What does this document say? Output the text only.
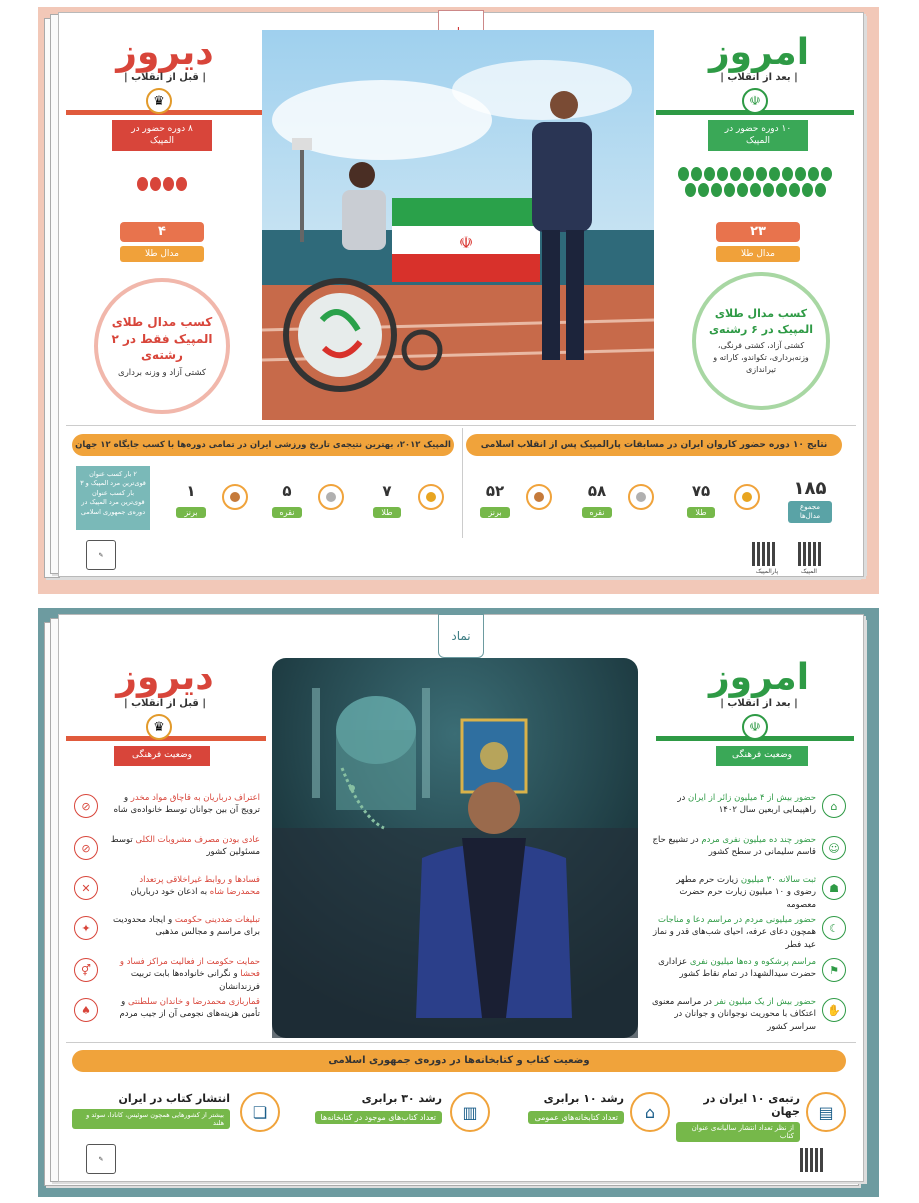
دیروز
| قبل از انقلاب |
♛
۸ دوره حضور در المپیک
۴
مدال طلا
کسب مدال طلای المپیک فقط در ۲ رشته‌ی
کشتی آزاد و وزنه برداری
☫
امروز
| بعد از انقلاب |
☫
۱۰ دوره حضور در المپیک
۲۳
مدال طلا
کسب مدال طلای المپیک در ۶ رشته‌ی
کشتی آزاد، کشتی فرنگی، وزنه‌برداری، تکواندو، کاراته و تیراندازی
المپیک ۲۰۱۲، بهترین نتیجه‌ی تاریخ ورزشی ایران در تمامی دوره‌ها با کسب جایگاه ۱۲ جهان	نتایج ۱۰ دوره حضور کاروان ایران در مسابقات پارالمپیک پس از انقلاب اسلامی
۲ بار کسب عنوان قوی‌ترین مرد المپیک و ۳ بار کسب عنوان قوی‌ترین مرد المپیک در دوره‌ی جمهوری اسلامی
۱
برنز
۵
نقره
۷
طلا
۵۲
برنز
۵۸
نقره
۷۵
طلا
۱۸۵
مجموع مدال‌ها
✎
پارالمپیک	المپیک
نماد
دیروز
| قبل از انقلاب |
♛
وضعیت فرهنگی
اعتراف درباریان به قاچاق مواد مخدر و ترویج آن بین جوانان توسط خانواده‌ی شاه
⊘
عادی بودن مصرف مشروبات الکلی توسط مسئولین کشور
⊘
فسادها و روابط غیراخلاقی پرتعداد محمدرضا شاه به اذعان خود درباریان
✕
تبلیغات ضددینی حکومت و ایجاد محدودیت برای مراسم و مجالس مذهبی
✦
حمایت حکومت از فعالیت مراکز فساد و فحشا و نگرانی خانواده‌ها بابت تربیت فرزندانشان
⚥
قماربازی محمدرضا و خاندان سلطنتی و تأمین هزینه‌های نجومی آن از جیب مردم
♠
امروز
| بعد از انقلاب |
☫
وضعیت فرهنگی
حضور بیش از ۴ میلیون زائر از ایران در راهپیمایی اربعین سال ۱۴۰۲	⌂
حضور چند ده میلیون نفری مردم در تشییع حاج قاسم سلیمانی در سطح کشور	☺
ثبت سالانه ۳۰ میلیون زیارت حرم مطهر رضوی و ۱۰ میلیون زیارت حرم حضرت معصومه
☗
حضور میلیونی مردم در مراسم دعا و مناجات همچون دعای عرفه، احیای شب‌های قدر و نماز عید فطر
☾
مراسم پرشکوه و ده‌ها میلیون نفری عزاداری حضرت سیدالشهدا در تمام نقاط کشور	⚑
حضور بیش از یک میلیون نفر در مراسم معنوی اعتکاف با محوریت نوجوانان و جوانان در سراسر کشور
✋
وضعیت کتاب و کتابخانه‌ها در دوره‌ی جمهوری اسلامی
رتبه‌ی ۱۰ ایران در جهان
از نظر تعداد انتشار سالیانه‌ی عنوان کتاب
▤
رشد ۱۰ برابری
تعداد کتابخانه‌های عمومی	⌂
رشد ۳۰ برابری
تعداد کتاب‌های موجود در کتابخانه‌ها	▥
انتشار کتاب در ایران
بیشتر از کشورهایی همچون سوئیس، کانادا، سوئد و هلند
❏
✎
